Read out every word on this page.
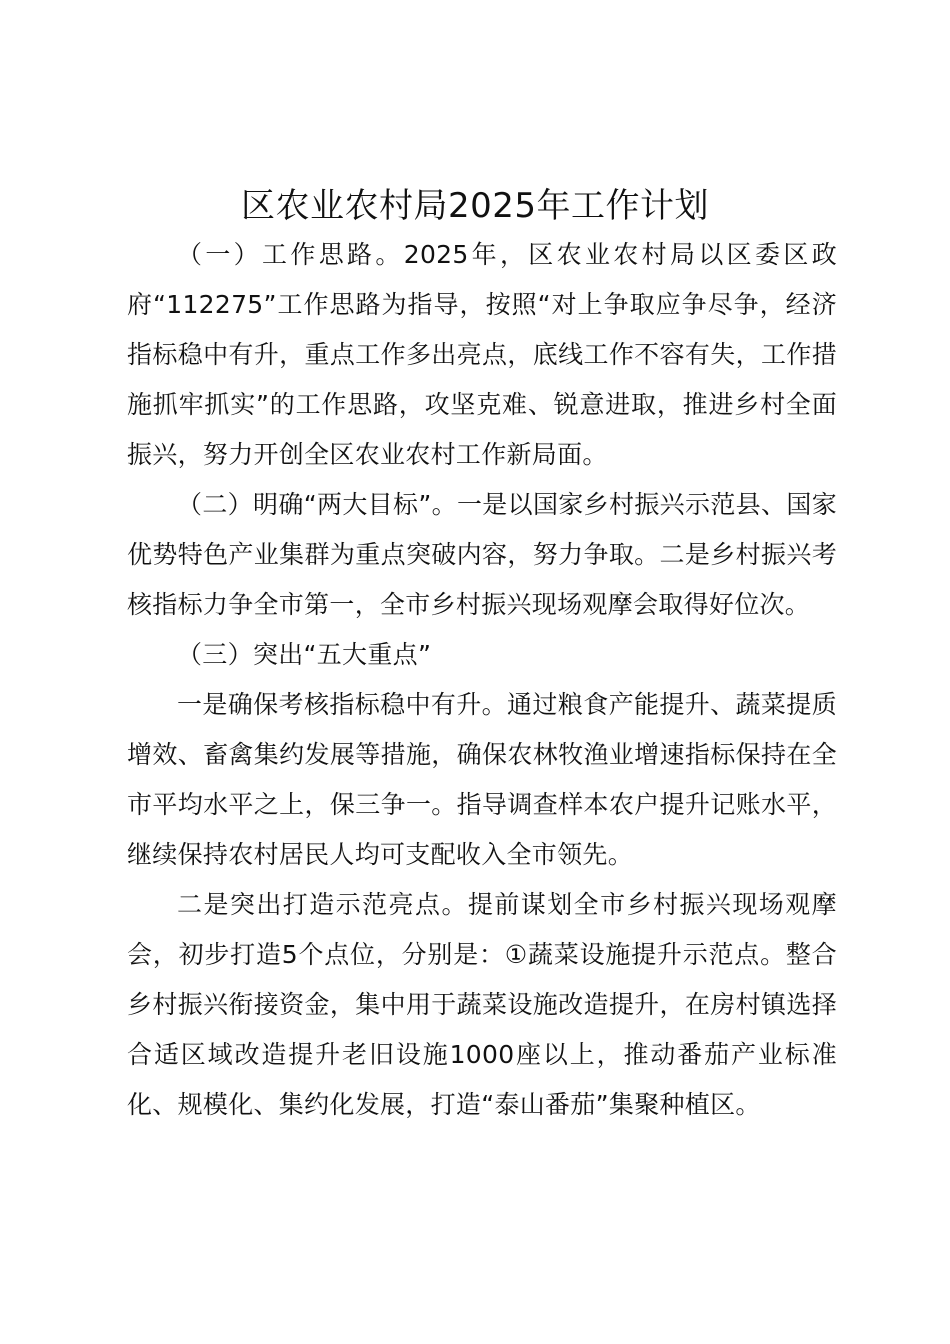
区农业农村局2025年工作计划

（一）工作思路。2025年，区农业农村局以区委区政府“112275”工作思路为指导，按照“对上争取应争尽争，经济指标稳中有升，重点工作多出亮点，底线工作不容有失，工作措施抓牢抓实”的工作思路，攻坚克难、锐意进取，推进乡村全面振兴，努力开创全区农业农村工作新局面。

（二）明确“两大目标”。一是以国家乡村振兴示范县、国家优势特色产业集群为重点突破内容，努力争取。二是乡村振兴考核指标力争全市第一，全市乡村振兴现场观摩会取得好位次。

（三）突出“五大重点”

一是确保考核指标稳中有升。通过粮食产能提升、蔬菜提质增效、畜禽集约发展等措施，确保农林牧渔业增速指标保持在全市平均水平之上，保三争一。指导调查样本农户提升记账水平，继续保持农村居民人均可支配收入全市领先。

二是突出打造示范亮点。提前谋划全市乡村振兴现场观摩会，初步打造5个点位，分别是：①蔬菜设施提升示范点。整合乡村振兴衔接资金，集中用于蔬菜设施改造提升，在房村镇选择合适区域改造提升老旧设施1000座以上，推动番茄产业标准化、规模化、集约化发展，打造“泰山番茄”集聚种植区。
